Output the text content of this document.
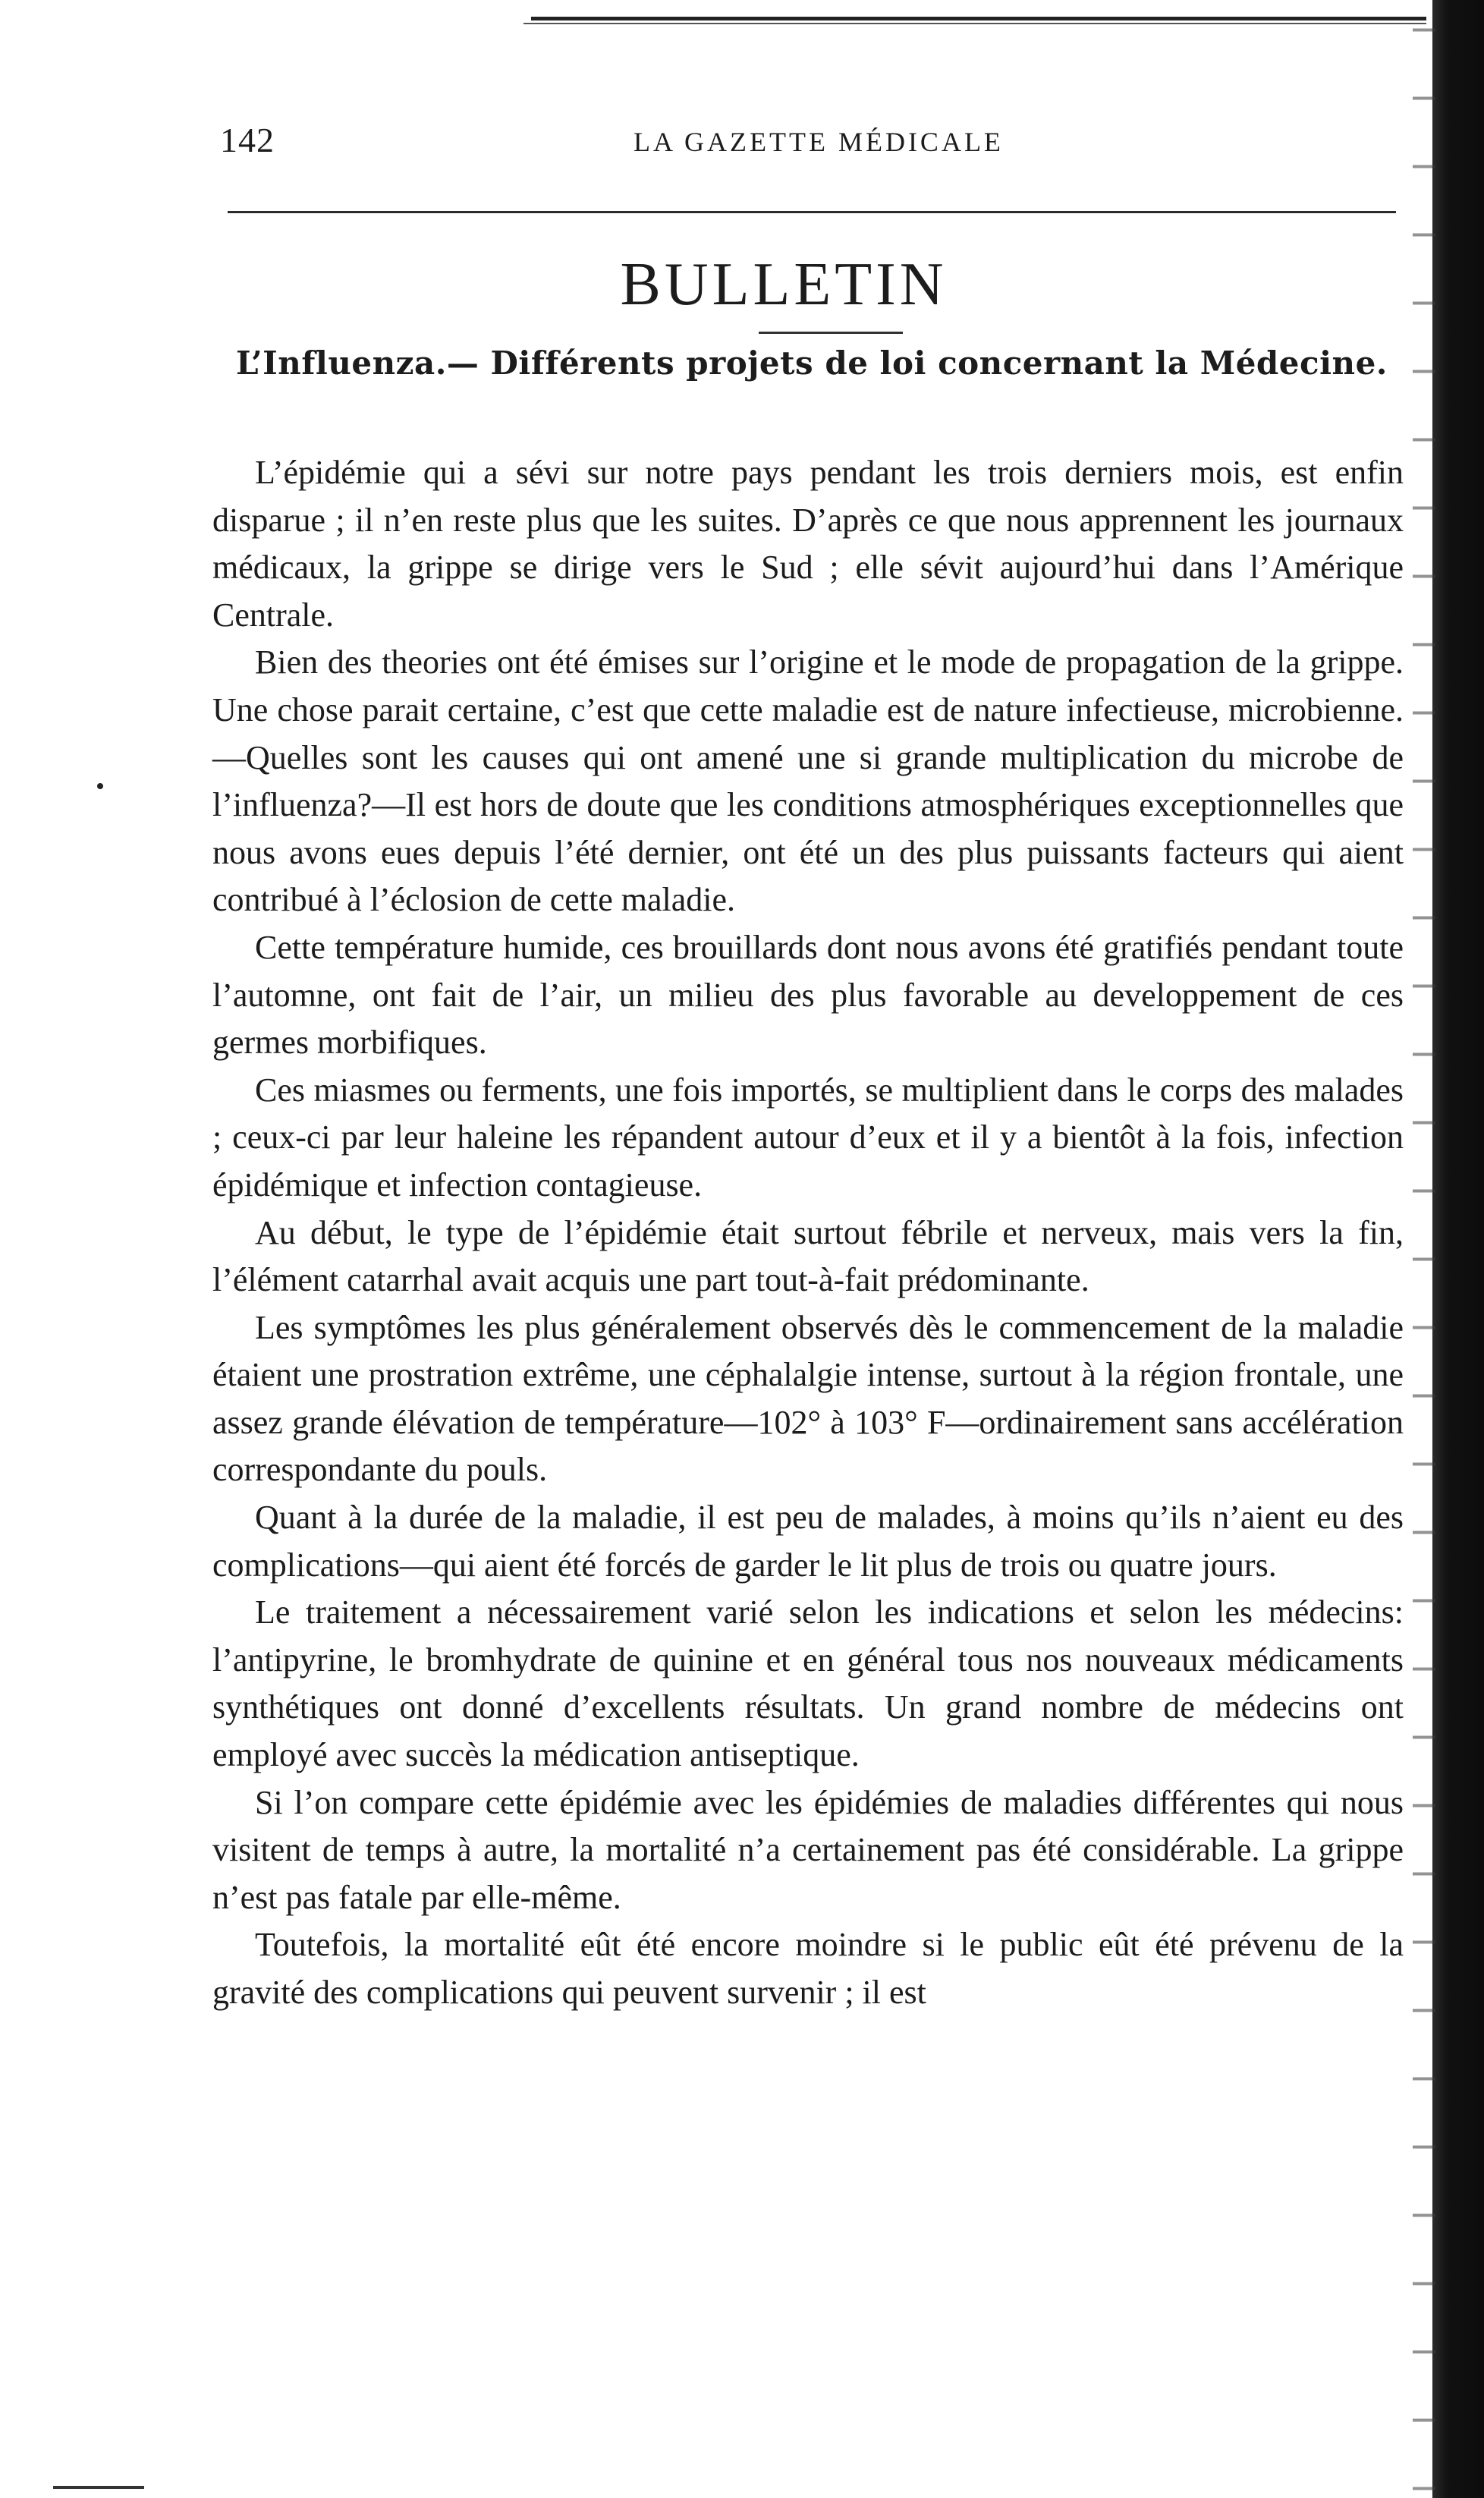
142	LA GAZETTE MÉDICALE
BULLETIN
L’Influenza.— Différents projets de loi concernant la Médecine.

L’épidémie qui a sévi sur notre pays pendant les trois derniers mois, est enfin disparue ; il n’en reste plus que les suites. D’après ce que nous apprennent les journaux médicaux, la grippe se dirige vers le Sud ; elle sévit aujourd’hui dans l’Amérique Centrale.

Bien des theories ont été émises sur l’origine et le mode de propagation de la grippe. Une chose parait certaine, c’est que cette maladie est de nature infectieuse, microbienne.—Quelles sont les causes qui ont amené une si grande multiplication du microbe de l’influenza?—Il est hors de doute que les conditions atmosphériques exceptionnelles que nous avons eues depuis l’été dernier, ont été un des plus puissants facteurs qui aient contribué à l’éclosion de cette maladie.

Cette température humide, ces brouillards dont nous avons été gratifiés pendant toute l’automne, ont fait de l’air, un milieu des plus favorable au developpement de ces germes morbifiques.

Ces miasmes ou ferments, une fois importés, se multiplient dans le corps des malades ; ceux-ci par leur haleine les répandent autour d’eux et il y a bientôt à la fois, infection épidémique et infection contagieuse.

Au début, le type de l’épidémie était surtout fébrile et nerveux, mais vers la fin, l’élément catarrhal avait acquis une part tout-à-fait prédominante.

Les symptômes les plus généralement observés dès le commencement de la maladie étaient une prostration extrême, une céphalalgie intense, surtout à la région frontale, une assez grande élévation de température—102° à 103° F—ordinairement sans accélération correspondante du pouls.

Quant à la durée de la maladie, il est peu de malades, à moins qu’ils n’aient eu des complications—qui aient été forcés de garder le lit plus de trois ou quatre jours.

Le traitement a nécessairement varié selon les indications et selon les médecins: l’antipyrine, le bromhydrate de quinine et en général tous nos nouveaux médicaments synthétiques ont donné d’excellents résultats. Un grand nombre de médecins ont employé avec succès la médication antiseptique.

Si l’on compare cette épidémie avec les épidémies de maladies différentes qui nous visitent de temps à autre, la mortalité n’a certainement pas été considérable. La grippe n’est pas fatale par elle-même.

Toutefois, la mortalité eût été encore moindre si le public eût été prévenu de la gravité des complications qui peuvent survenir ; il est
